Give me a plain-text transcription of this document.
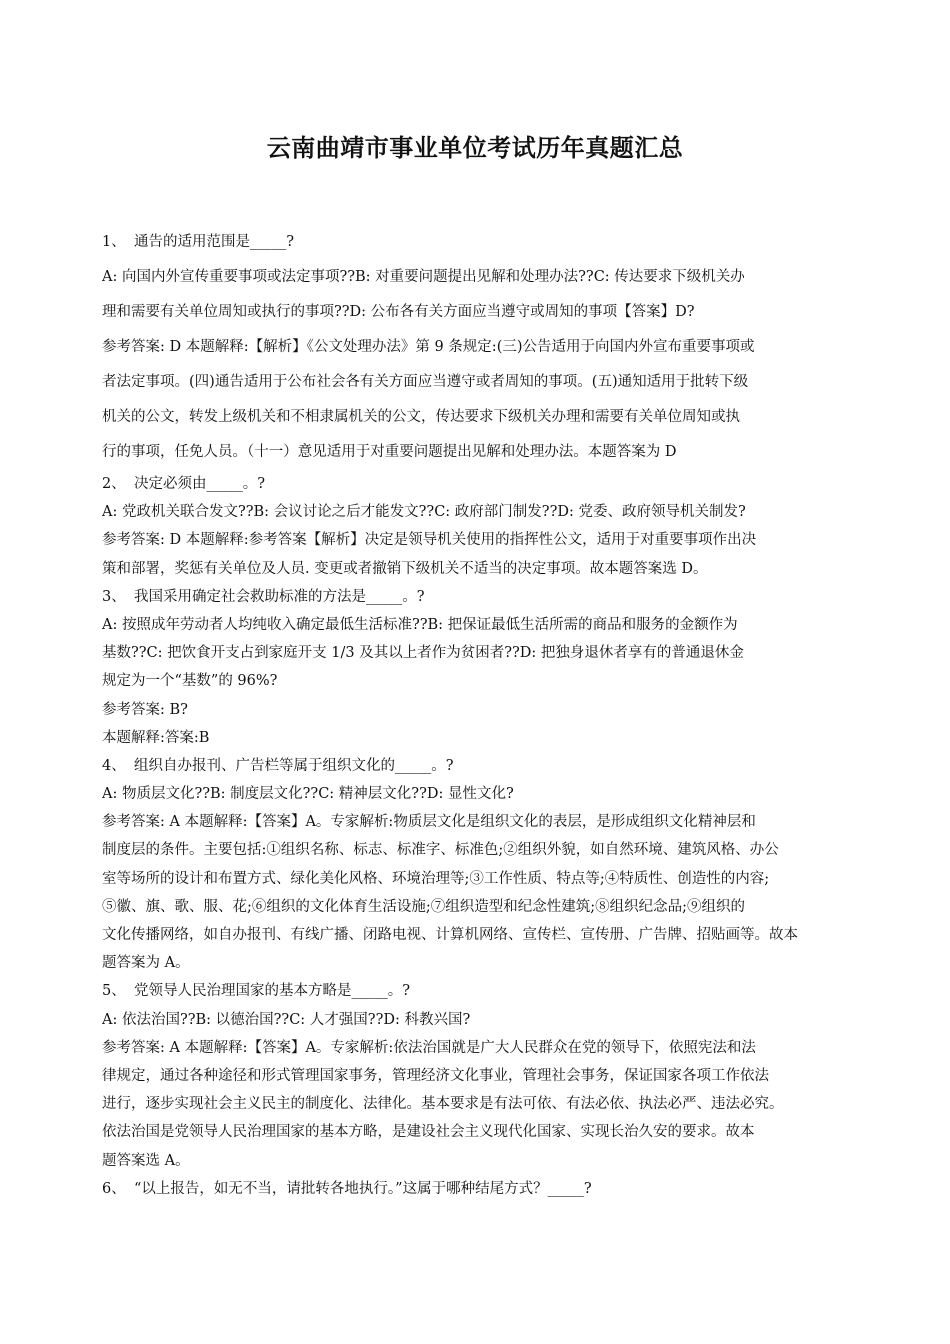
云南曲靖市事业单位考试历年真题汇总
1、 通告的适用范围是_____?
A: 向国内外宣传重要事项或法定事项??B: 对重要问题提出见解和处理办法??C: 传达要求下级机关办
理和需要有关单位周知或执行的事项??D: 公布各有关方面应当遵守或周知的事项【答案】D?
参考答案: D 本题解释:【解析】《公文处理办法》第 9 条规定:(三)公告适用于向国内外宣布重要事项或
者法定事项。(四)通告适用于公布社会各有关方面应当遵守或者周知的事项。(五)通知适用于批转下级
机关的公文，转发上级机关和不相隶属机关的公文，传达要求下级机关办理和需要有关单位周知或执
行的事项，任免人员。（十一）意见适用于对重要问题提出见解和处理办法。本题答案为 D
2、 决定必须由_____。?
A: 党政机关联合发文??B: 会议讨论之后才能发文??C: 政府部门制发??D: 党委、政府领导机关制发?
参考答案: D 本题解释:参考答案【解析】决定是领导机关使用的指挥性公文，适用于对重要事项作出决
策和部署，奖惩有关单位及人员. 变更或者撤销下级机关不适当的决定事项。故本题答案选 D。
3、 我国采用确定社会救助标准的方法是_____。?
A: 按照成年劳动者人均纯收入确定最低生活标准??B: 把保证最低生活所需的商品和服务的金额作为
基数??C: 把饮食开支占到家庭开支 1/3 及其以上者作为贫困者??D: 把独身退休者享有的普通退休金
规定为一个“基数”的 96%?
参考答案: B?
本题解释:答案:B
4、 组织自办报刊、广告栏等属于组织文化的_____。?
A: 物质层文化??B: 制度层文化??C: 精神层文化??D: 显性文化?
参考答案: A 本题解释:【答案】A。专家解析:物质层文化是组织文化的表层，是形成组织文化精神层和
制度层的条件。主要包括:①组织名称、标志、标准字、标准色;②组织外貌，如自然环境、建筑风格、办公
室等场所的设计和布置方式、绿化美化风格、环境治理等;③工作性质、特点等;④特质性、创造性的内容;
⑤徽、旗、歌、服、花;⑥组织的文化体育生活设施;⑦组织造型和纪念性建筑;⑧组织纪念品;⑨组织的
文化传播网络，如自办报刊、有线广播、闭路电视、计算机网络、宣传栏、宣传册、广告牌、招贴画等。故本
题答案为 A。
5、 党领导人民治理国家的基本方略是_____。?
A: 依法治国??B: 以德治国??C: 人才强国??D: 科教兴国?
参考答案: A 本题解释:【答案】A。专家解析:依法治国就是广大人民群众在党的领导下，依照宪法和法
律规定，通过各种途径和形式管理国家事务，管理经济文化事业，管理社会事务，保证国家各项工作依法
进行，逐步实现社会主义民主的制度化、法律化。基本要求是有法可依、有法必依、执法必严、违法必究。
依法治国是党领导人民治理国家的基本方略，是建设社会主义现代化国家、实现长治久安的要求。故本
题答案选 A。
6、 “以上报告，如无不当，请批转各地执行。”这属于哪种结尾方式？_____?
